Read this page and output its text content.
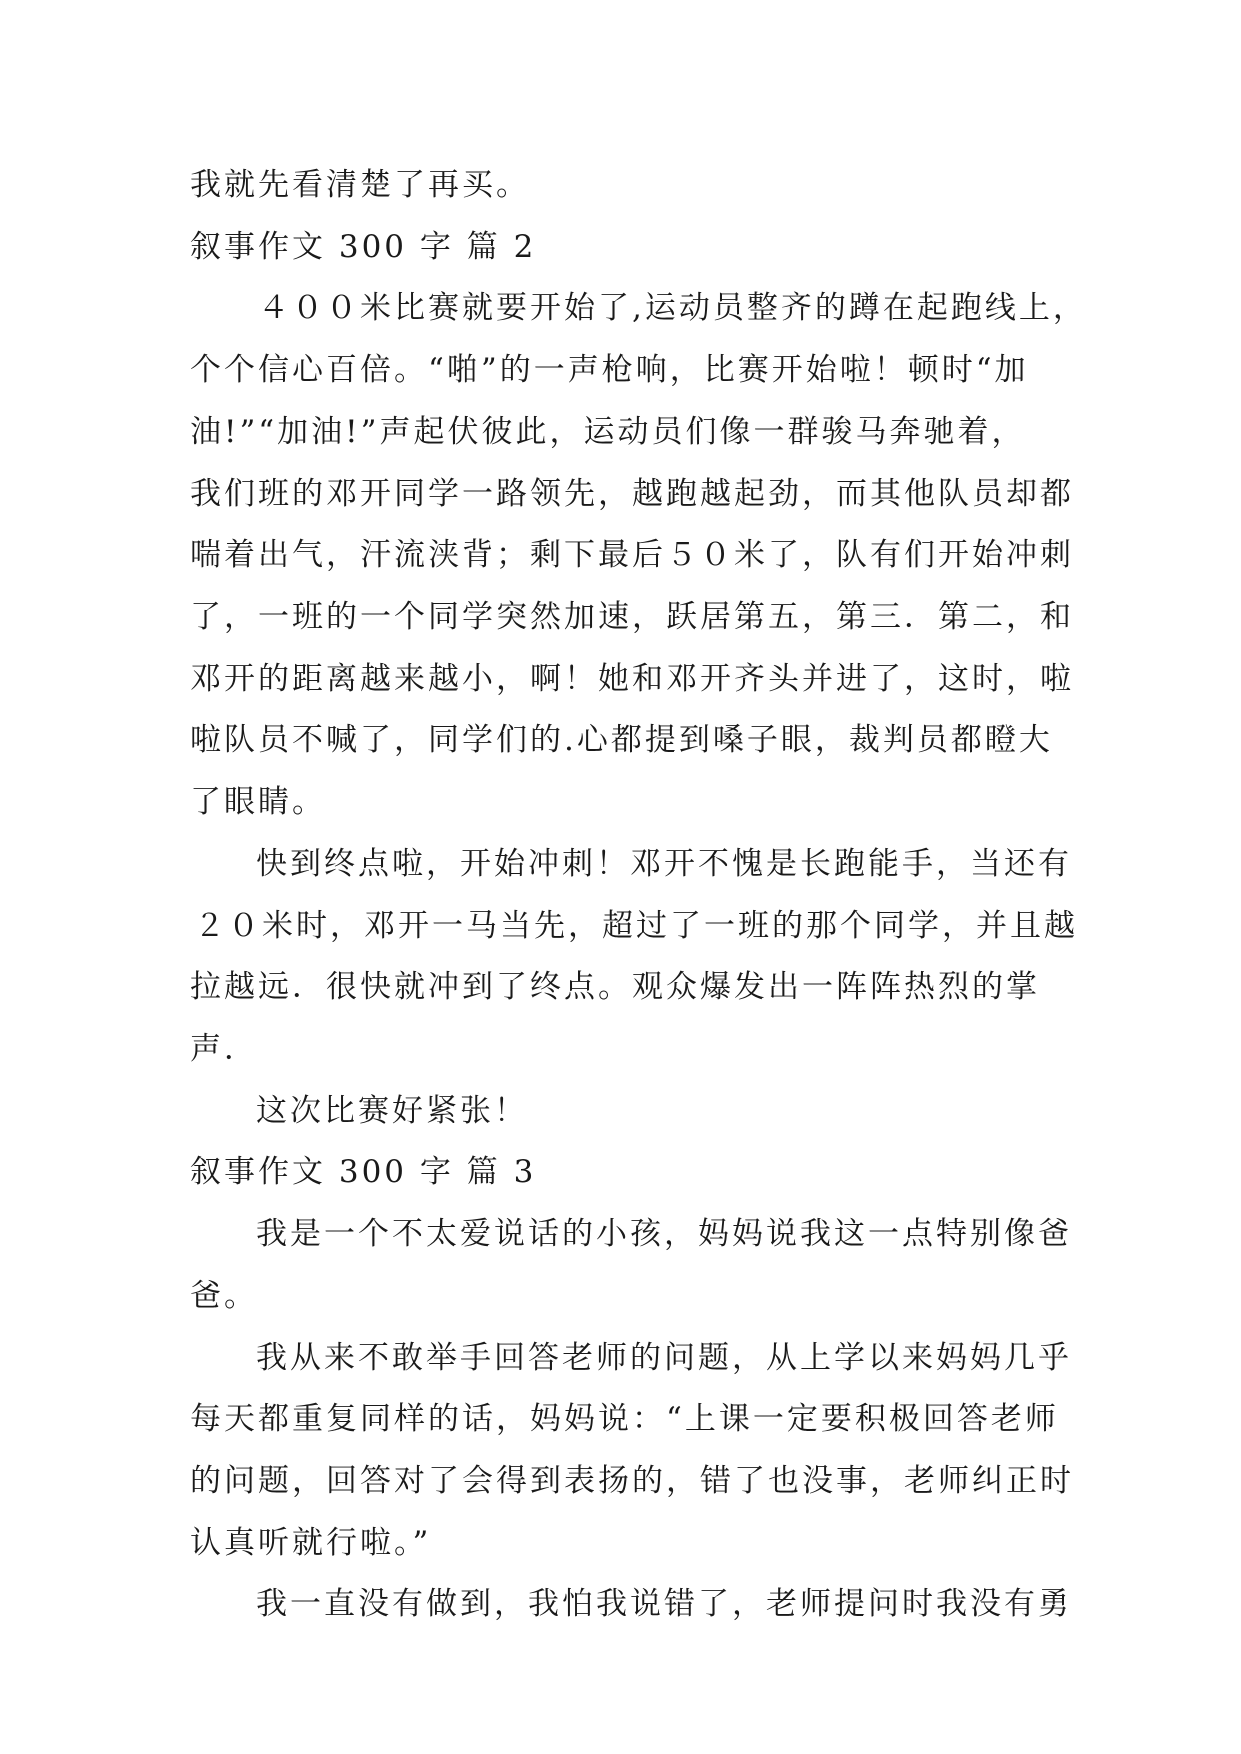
我就先看清楚了再买。
叙事作文 300 字 篇 2
４００米比赛就要开始了,运动员整齐的蹲在起跑线上，
个个信心百倍。“啪”的一声枪响，比赛开始啦！顿时“加
油!”“加油!”声起伏彼此，运动员们像一群骏马奔驰着，
我们班的邓开同学一路领先，越跑越起劲，而其他队员却都
喘着出气，汗流浃背；剩下最后５０米了，队有们开始冲刺
了，一班的一个同学突然加速，跃居第五，第三．第二，和
邓开的距离越来越小，啊！她和邓开齐头并进了，这时，啦
啦队员不喊了，同学们的.心都提到嗓子眼，裁判员都瞪大
了眼睛。
快到终点啦，开始冲刺！邓开不愧是长跑能手，当还有
２０米时，邓开一马当先，超过了一班的那个同学，并且越
拉越远．很快就冲到了终点。观众爆发出一阵阵热烈的掌
声．
这次比赛好紧张！
叙事作文 300 字 篇 3
我是一个不太爱说话的小孩，妈妈说我这一点特别像爸
爸。
我从来不敢举手回答老师的问题，从上学以来妈妈几乎
每天都重复同样的话，妈妈说：“上课一定要积极回答老师
的问题，回答对了会得到表扬的，错了也没事，老师纠正时
认真听就行啦。”
我一直没有做到，我怕我说错了，老师提问时我没有勇
